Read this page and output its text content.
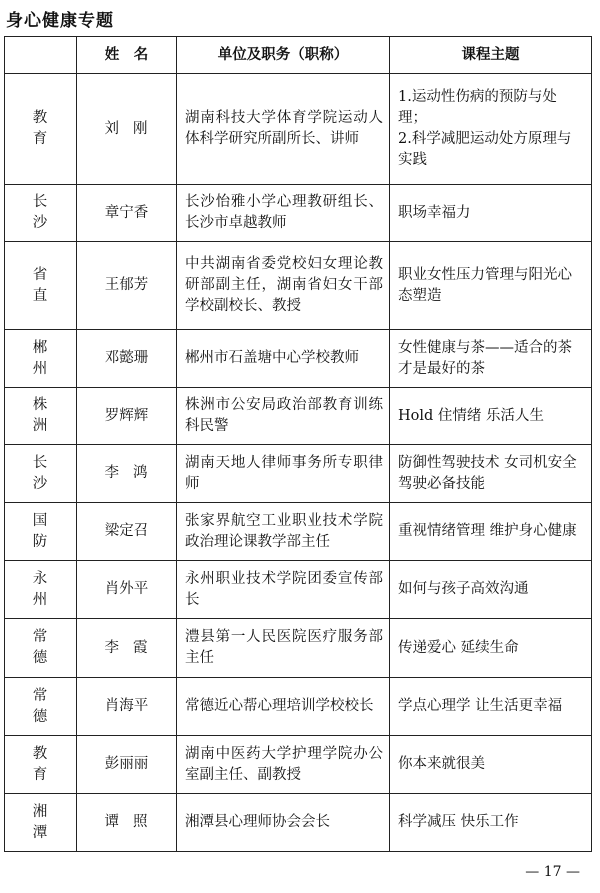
身心健康专题
	姓　名	单位及职务（职称）	课程主题
教育	刘刚	湖南科技大学体育学院运动人体科学研究所副所长、讲师	1.运动性伤病的预防与处理；
2.科学减肥运动处方原理与实践

长沙	章宁香	长沙怡雅小学心理教研组长、长沙市卓越教师	职场幸福力

省直	王郁芳	中共湖南省委党校妇女理论教研部副主任，湖南省妇女干部学校副校长、教授	职业女性压力管理与阳光心态塑造

郴州	邓懿珊	郴州市石盖塘中心学校教师	女性健康与茶——适合的茶才是最好的茶

株洲	罗辉辉	株洲市公安局政治部教育训练科民警	Hold 住情绪 乐活人生

长沙	李鸿	湖南天地人律师事务所专职律师	防御性驾驶技术 女司机安全驾驶必备技能

国防	梁定召	张家界航空工业职业技术学院政治理论课教学部主任	重视情绪管理 维护身心健康

永州	肖外平	永州职业技术学院团委宣传部长	如何与孩子高效沟通

常德	李霞	澧县第一人民医院医疗服务部主任	传递爱心 延续生命

常德	肖海平	常德近心帮心理培训学校校长	学点心理学 让生活更幸福

教育	彭丽丽	湖南中医药大学护理学院办公室副主任、副教授	你本来就很美

湘潭	谭照	湘潭县心理师协会会长	科学减压 快乐工作
— 17 —
